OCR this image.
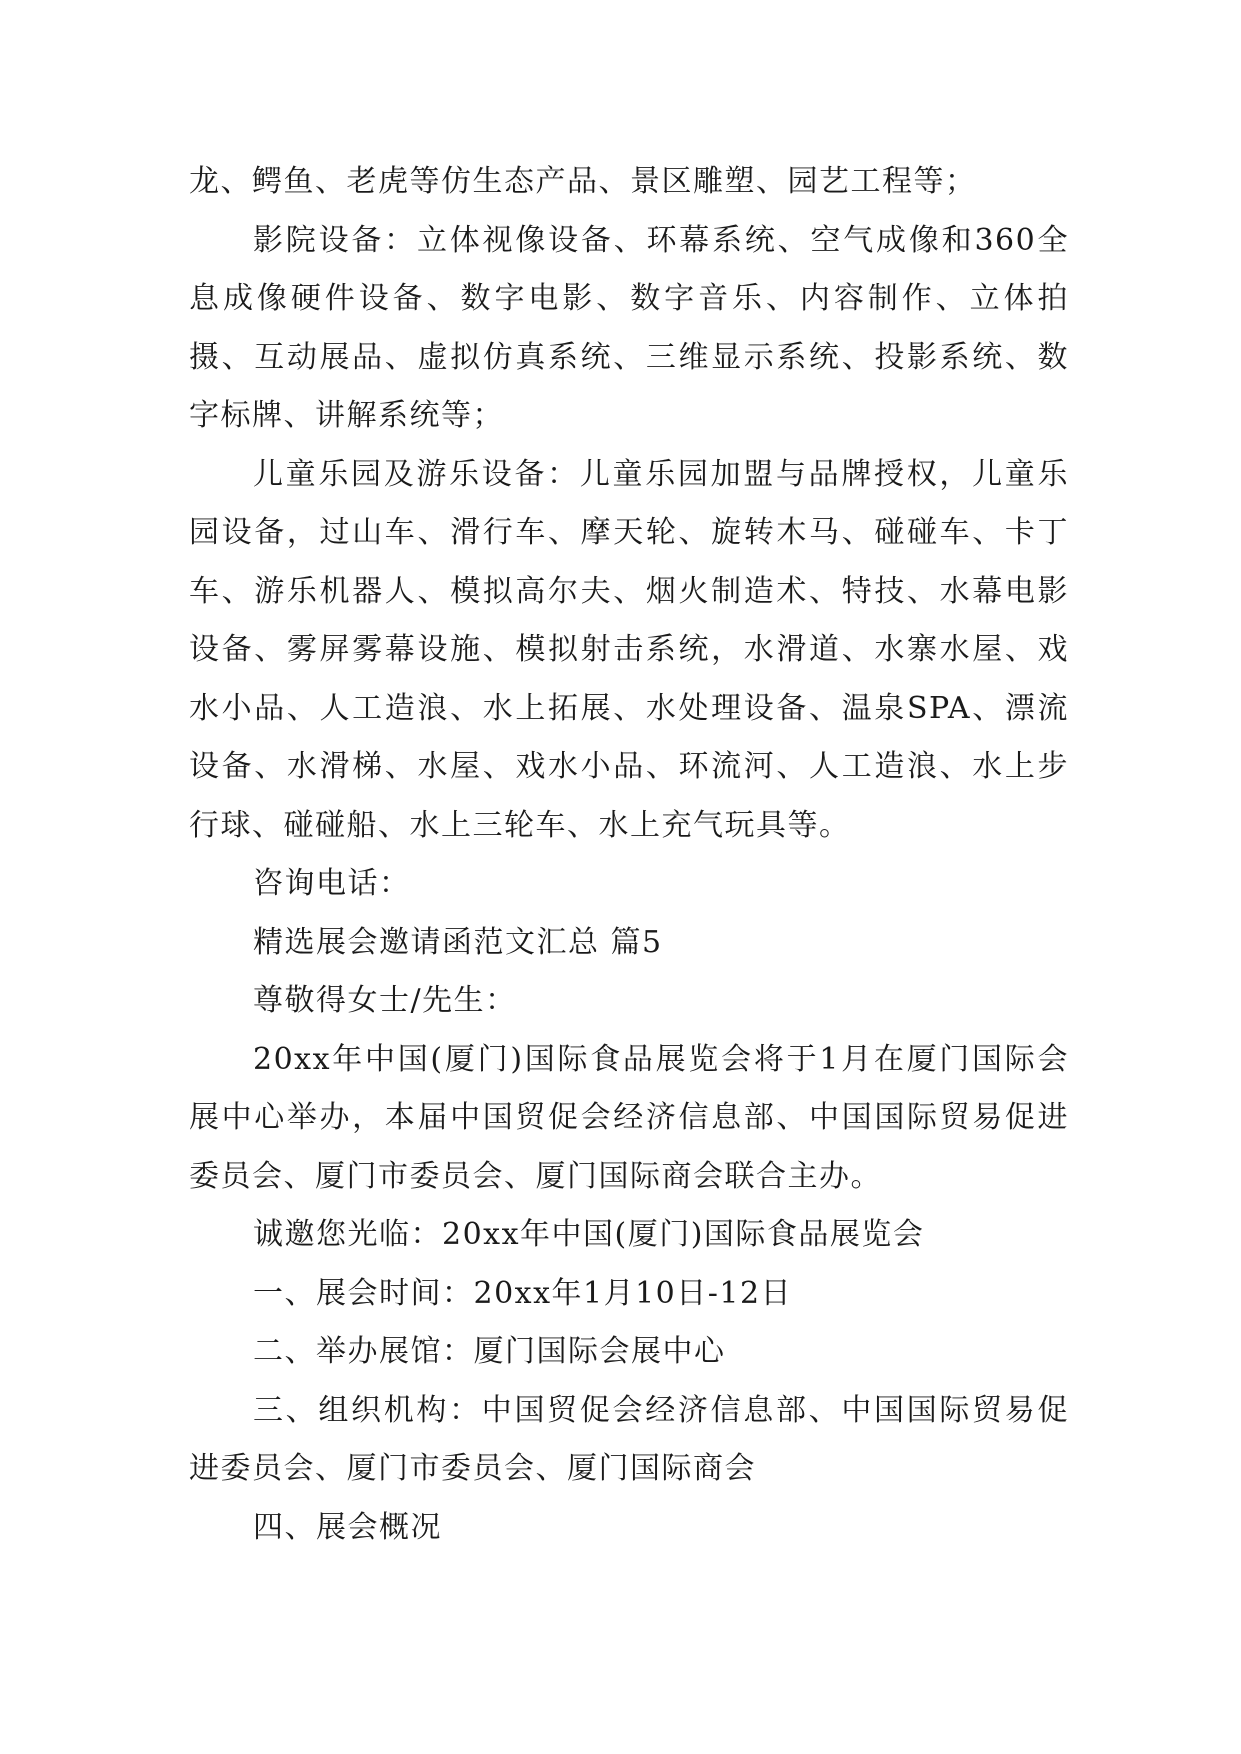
龙、鳄鱼、老虎等仿生态产品、景区雕塑、园艺工程等；

影院设备：立体视像设备、环幕系统、空气成像和360全息成像硬件设备、数字电影、数字音乐、内容制作、立体拍摄、互动展品、虚拟仿真系统、三维显示系统、投影系统、数字标牌、讲解系统等；

儿童乐园及游乐设备：儿童乐园加盟与品牌授权，儿童乐园设备，过山车、滑行车、摩天轮、旋转木马、碰碰车、卡丁车、游乐机器人、模拟高尔夫、烟火制造术、特技、水幕电影设备、雾屏雾幕设施、模拟射击系统，水滑道、水寨水屋、戏水小品、人工造浪、水上拓展、水处理设备、温泉SPA、漂流设备、水滑梯、水屋、戏水小品、环流河、人工造浪、水上步行球、碰碰船、水上三轮车、水上充气玩具等。

咨询电话：

精选展会邀请函范文汇总 篇5

尊敬得女士/先生：

20xx年中国(厦门)国际食品展览会将于1月在厦门国际会展中心举办，本届中国贸促会经济信息部、中国国际贸易促进委员会、厦门市委员会、厦门国际商会联合主办。

诚邀您光临：20xx年中国(厦门)国际食品展览会

一、展会时间：20xx年1月10日-12日

二、举办展馆：厦门国际会展中心

三、组织机构：中国贸促会经济信息部、中国国际贸易促进委员会、厦门市委员会、厦门国际商会

四、展会概况
